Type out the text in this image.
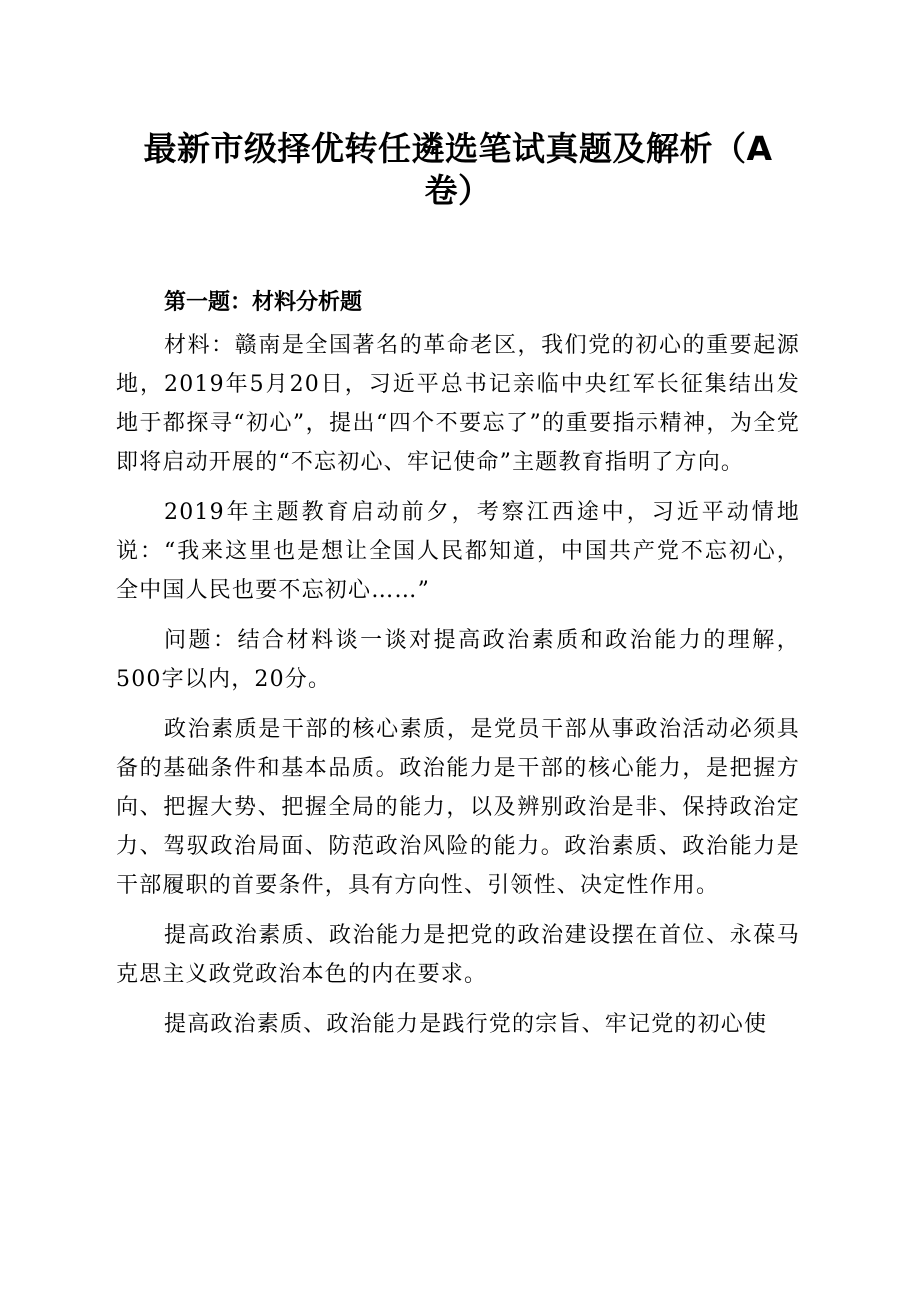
最新市级择优转任遴选笔试真题及解析（A
卷）
第一题：材料分析题

材料：赣南是全国著名的革命老区，我们党的初心的重要起源地，2019年5月20日，习近平总书记亲临中央红军长征集结出发地于都探寻“初心”，提出“四个不要忘了”的重要指示精神，为全党即将启动开展的“不忘初心、牢记使命”主题教育指明了方向。

2019年主题教育启动前夕，考察江西途中，习近平动情地说：“我来这里也是想让全国人民都知道，中国共产党不忘初心，全中国人民也要不忘初心……”

问题：结合材料谈一谈对提高政治素质和政治能力的理解，500字以内，20分。

政治素质是干部的核心素质，是党员干部从事政治活动必须具备的基础条件和基本品质。政治能力是干部的核心能力，是把握方向、把握大势、把握全局的能力，以及辨别政治是非、保持政治定力、驾驭政治局面、防范政治风险的能力。政治素质、政治能力是干部履职的首要条件，具有方向性、引领性、决定性作用。

提高政治素质、政治能力是把党的政治建设摆在首位、永葆马克思主义政党政治本色的内在要求。

提高政治素质、政治能力是践行党的宗旨、牢记党的初心使
